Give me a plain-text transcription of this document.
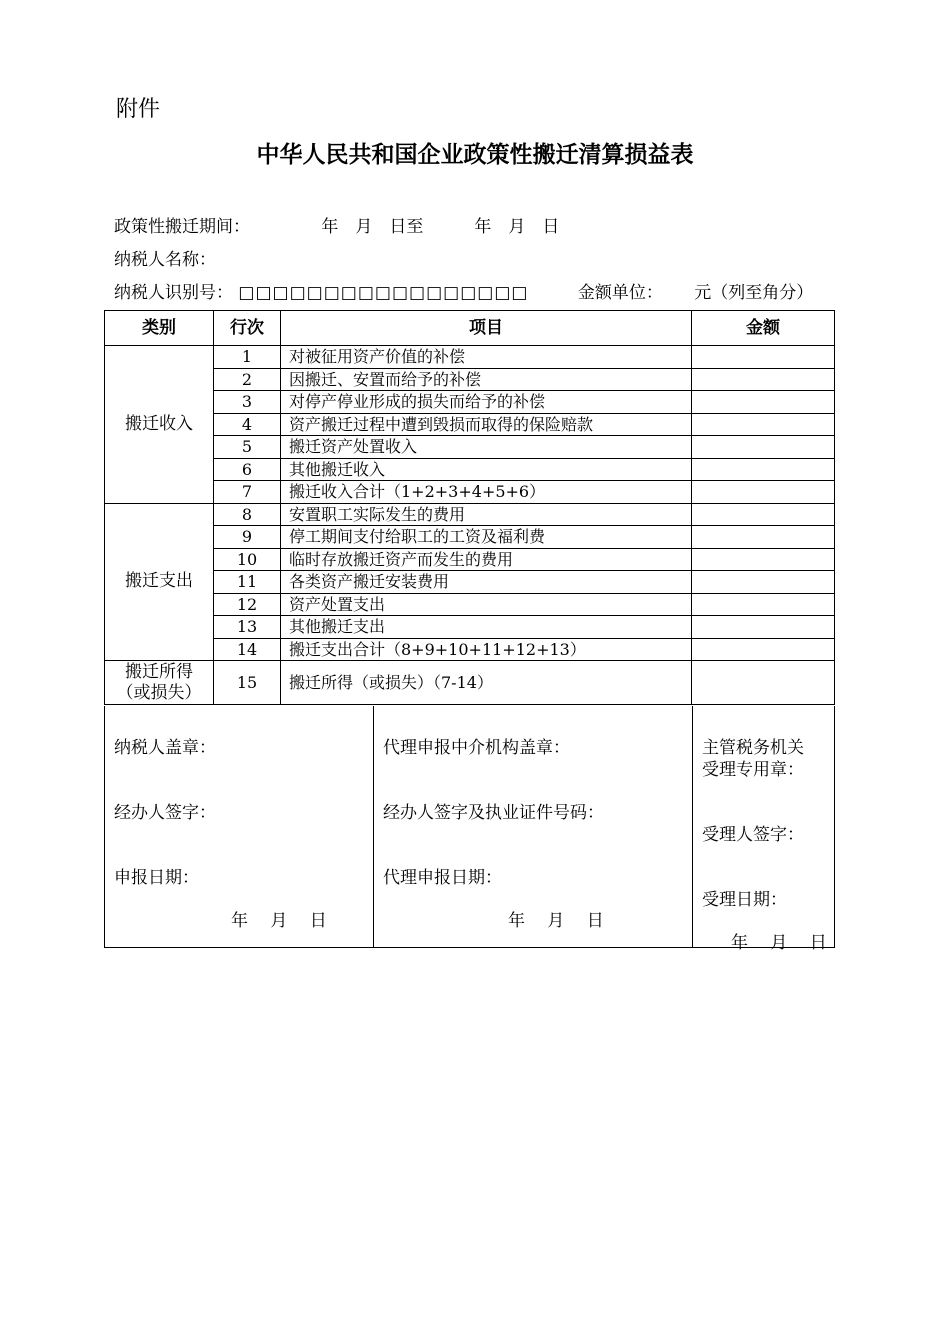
附件
中华人民共和国企业政策性搬迁清算损益表
政策性搬迁期间：	年　月　日至　　　年　月　日
纳税人名称：
纳税人识别号： □□□□□□□□□□□□□□□□□	金额单位： 元（列至角分）
类别	行次	项目	金额
搬迁收入	1	对被征用资产价值的补偿	
	2	因搬迁、安置而给予的补偿	
	3	对停产停业形成的损失而给予的补偿	
	4	资产搬迁过程中遭到毁损而取得的保险赔款	
	5	搬迁资产处置收入	
	6	其他搬迁收入	
	7	搬迁收入合计（1+2+3+4+5+6）	
搬迁支出	8	安置职工实际发生的费用	
	9	停工期间支付给职工的工资及福利费	
	10	临时存放搬迁资产而发生的费用	
	11	各类资产搬迁安装费用	
	12	资产处置支出	
	13	其他搬迁支出	
	14	搬迁支出合计（8+9+10+11+12+13）	

搬迁所得
（或损失）	15	搬迁所得（或损失）（7-14）	
纳税人盖章：
经办人签字：
申报日期：
年　 月　 日
代理申报中介机构盖章：
经办人签字及执业证件号码：
代理申报日期：
年　 月　 日
主管税务机关
受理专用章：
受理人签字：
受理日期：
年　 月　 日
